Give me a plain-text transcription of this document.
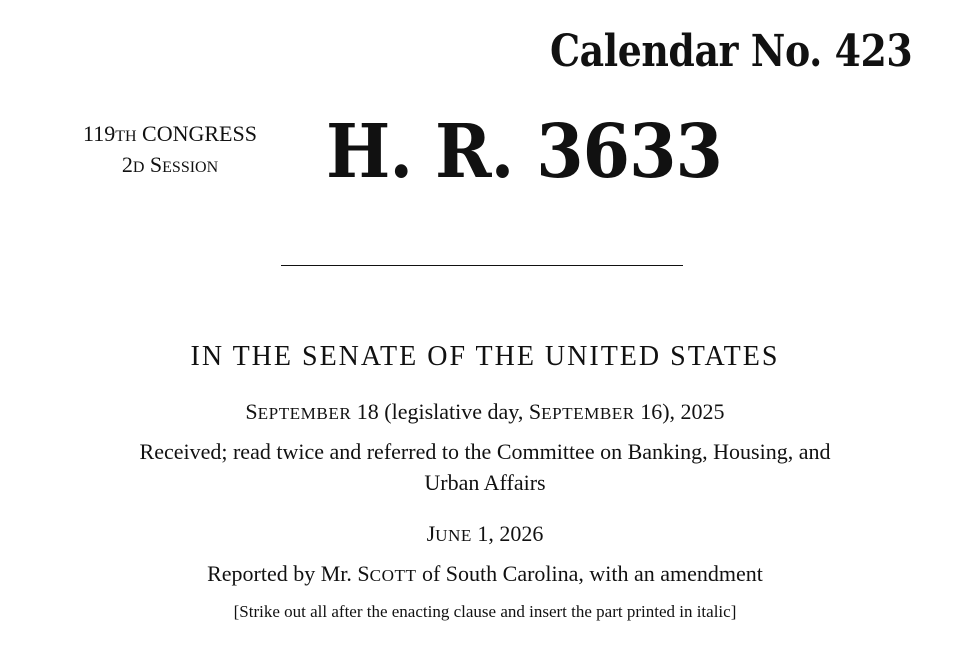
Calendar No. 423
119TH CONGRESS
2D SESSION	H. R. 3633
IN THE SENATE OF THE UNITED STATES
SEPTEMBER 18 (legislative day, SEPTEMBER 16), 2025
Received; read twice and referred to the Committee on Banking, Housing, and
Urban Affairs
JUNE 1, 2026
Reported by Mr. SCOTT of South Carolina, with an amendment
[Strike out all after the enacting clause and insert the part printed in italic]
